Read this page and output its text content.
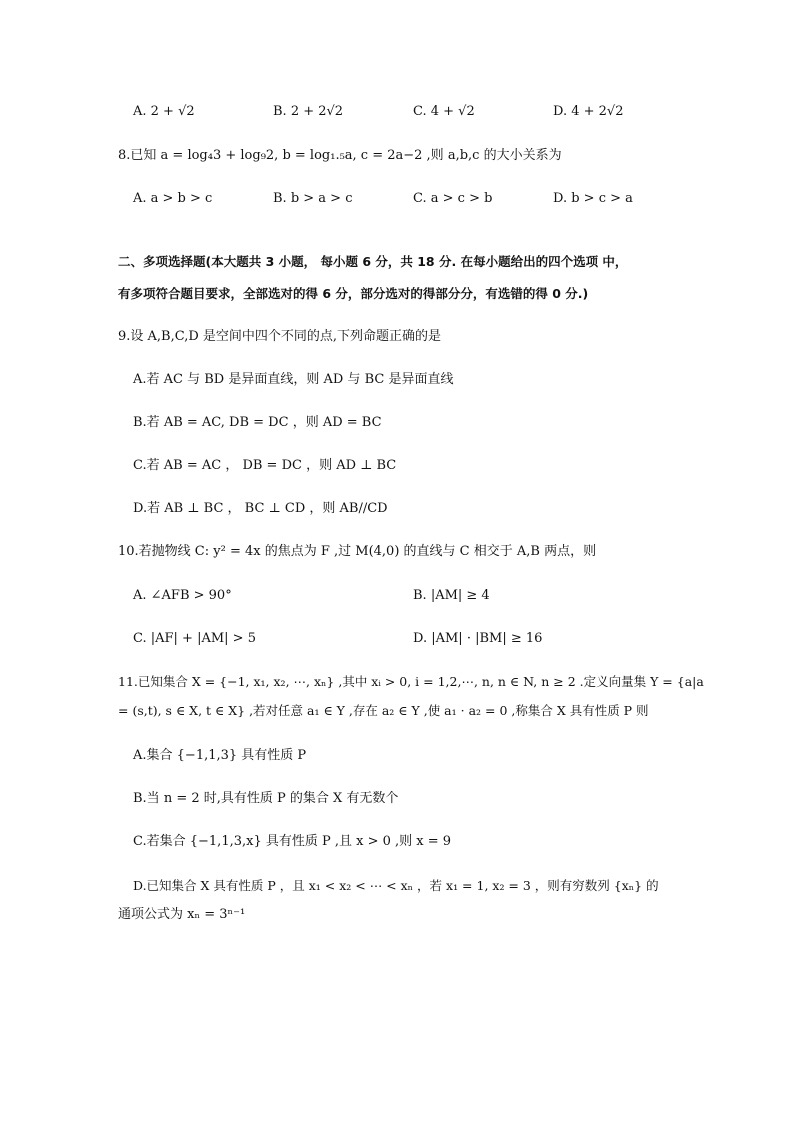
A. 2 + √2	B. 2 + 2√2	C. 4 + √2	D. 4 + 2√2
8.已知 a = log₄3 + log₉2, b = log₁.₅a, c = 2a−2 ,则 a,b,c 的大小关系为
A. a > b > c	B. b > a > c	C. a > c > b	D. b > c > a
二、多项选择题(本大题共 3 小题， 每小题 6 分，共 18 分. 在每小题给出的四个选项 中，
有多项符合题目要求，全部选对的得 6 分，部分选对的得部分分，有选错的得 0 分.)
9.设 A,B,C,D 是空间中四个不同的点,下列命题正确的是
A.若 AC 与 BD 是异面直线，则 AD 与 BC 是异面直线
B.若 AB = AC, DB = DC ，则 AD = BC
C.若 AB = AC ， DB = DC ，则 AD ⊥ BC
D.若 AB ⊥ BC ， BC ⊥ CD ，则 AB//CD
10.若抛物线 C: y² = 4x 的焦点为 F ,过 M(4,0) 的直线与 C 相交于 A,B 两点，则
A. ∠AFB > 90°	B. |AM| ≥ 4
C. |AF| + |AM| > 5	D. |AM| · |BM| ≥ 16
11.已知集合 X = {−1, x₁, x₂, ⋯, xₙ} ,其中 xᵢ > 0, i = 1,2,⋯, n, n ∈ N, n ≥ 2 .定义向量集 Y = {a|a
= (s,t), s ∈ X, t ∈ X} ,若对任意 a₁ ∈ Y ,存在 a₂ ∈ Y ,使 a₁ · a₂ = 0 ,称集合 X 具有性质 P 则
A.集合 {−1,1,3} 具有性质 P
B.当 n = 2 时,具有性质 P 的集合 X 有无数个
C.若集合 {−1,1,3,x} 具有性质 P ,且 x > 0 ,则 x = 9
D.已知集合 X 具有性质 P ，且 x₁ < x₂ < ⋯ < xₙ ，若 x₁ = 1, x₂ = 3 ，则有穷数列 {xₙ} 的
通项公式为 xₙ = 3ⁿ⁻¹
